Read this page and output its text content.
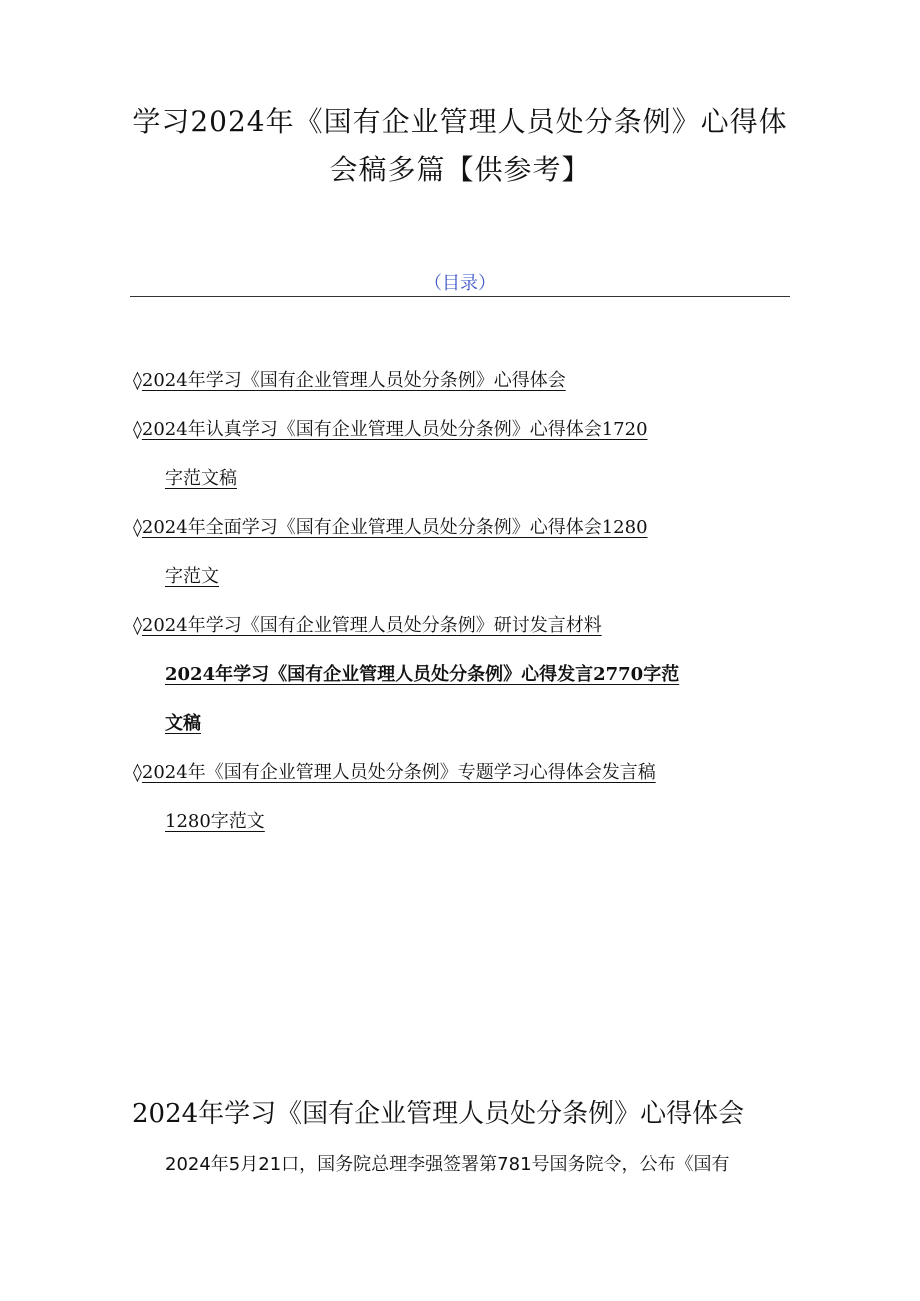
学习2024年《国有企业管理人员处分条例》心得体
会稿多篇【供参考】
（目录）
◊2024年学习《国有企业管理人员处分条例》心得体会
◊2024年认真学习《国有企业管理人员处分条例》心得体会1720
字范文稿
◊2024年全面学习《国有企业管理人员处分条例》心得体会1280
字范文
◊2024年学习《国有企业管理人员处分条例》研讨发言材料
2024年学习《国有企业管理人员处分条例》心得发言2770字范
文稿
◊2024年《国有企业管理人员处分条例》专题学习心得体会发言稿
1280字范文
2024年学习《国有企业管理人员处分条例》心得体会
2024年5月21口，国务院总理李强签署第781号国务院令，公布《国有
